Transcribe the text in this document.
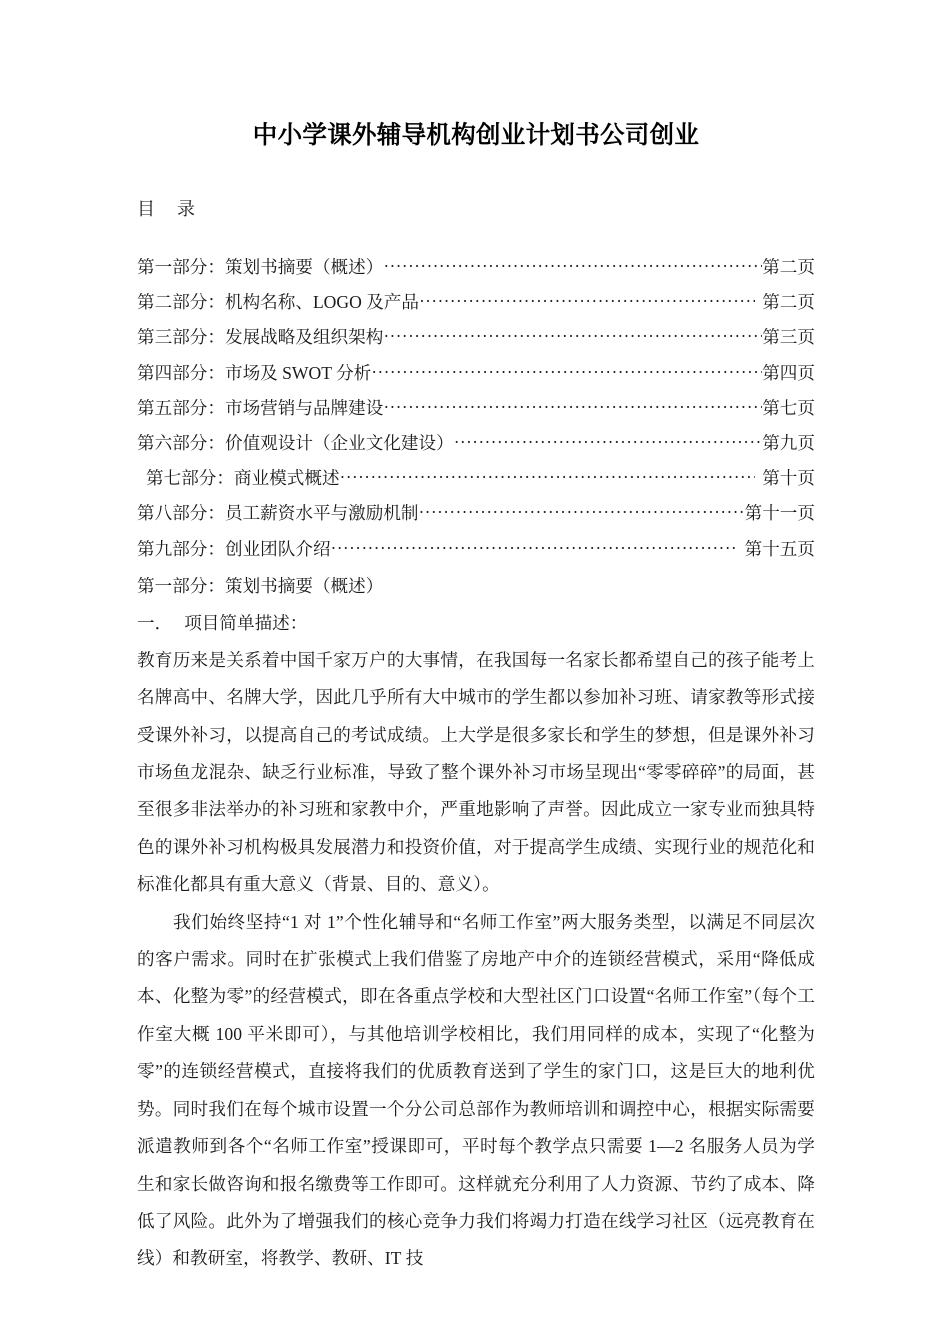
中小学课外辅导机构创业计划书公司创业
目 录
第一部分：策划书摘要（概述） ·····	第二页
第二部分：机构名称、LOGO 及产品 ·····	第二页
第三部分：发展战略及组织架构 ·····	第三页
第四部分：市场及 SWOT 分析 ·····	第四页
第五部分：市场营销与品牌建设 ·····	第七页
第六部分：价值观设计（企业文化建设） ·····	第九页
第七部分：商业模式概述 ·····	第十页
第八部分：员工薪资水平与激励机制 ·····	第十一页
第九部分：创业团队介绍 ·····	第十五页

第一部分：策划书摘要（概述）

一． 项目简单描述：

教育历来是关系着中国千家万户的大事情，在我国每一名家长都希望自己的孩子能考上名牌高中、名牌大学，因此几乎所有大中城市的学生都以参加补习班、请家教等形式接受课外补习，以提高自己的考试成绩。上大学是很多家长和学生的梦想，但是课外补习市场鱼龙混杂、缺乏行业标准，导致了整个课外补习市场呈现出“零零碎碎”的局面，甚至很多非法举办的补习班和家教中介，严重地影响了声誉。因此成立一家专业而独具特色的课外补习机构极具发展潜力和投资价值，对于提高学生成绩、实现行业的规范化和标准化都具有重大意义（背景、目的、意义）。

我们始终坚持“1 对 1”个性化辅导和“名师工作室”两大服务类型，以满足不同层次的客户需求。同时在扩张模式上我们借鉴了房地产中介的连锁经营模式，采用“降低成本、化整为零”的经营模式，即在各重点学校和大型社区门口设置“名师工作室”（每个工作室大概 100 平米即可），与其他培训学校相比，我们用同样的成本，实现了“化整为零”的连锁经营模式，直接将我们的优质教育送到了学生的家门口，这是巨大的地利优势。同时我们在每个城市设置一个分公司总部作为教师培训和调控中心，根据实际需要派遣教师到各个“名师工作室”授课即可，平时每个教学点只需要 1—2 名服务人员为学生和家长做咨询和报名缴费等工作即可。这样就充分利用了人力资源、节约了成本、降低了风险。此外为了增强我们的核心竞争力我们将竭力打造在线学习社区（远亮教育在线）和教研室，将教学、教研、IT 技
